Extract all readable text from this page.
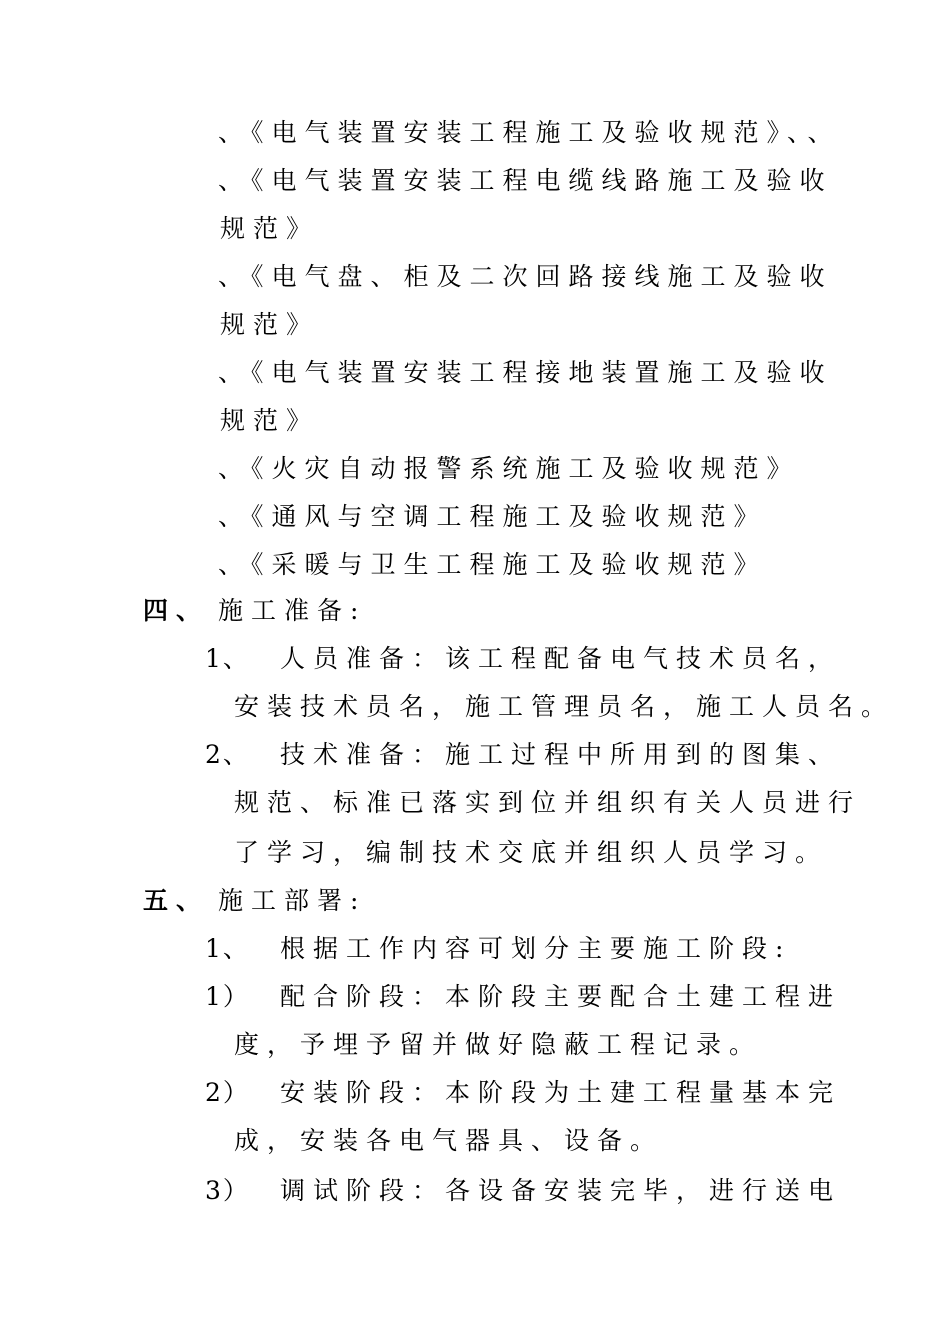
、《电气装置安装工程施工及验收规范》、、
、《电气装置安装工程电缆线路施工及验收
规范》
、《电气盘、柜及二次回路接线施工及验收
规范》
、《电气装置安装工程接地装置施工及验收
规范》
、《火灾自动报警系统施工及验收规范》
、《通风与空调工程施工及验收规范》
、《采暖与卫生工程施工及验收规范》
四、 施工准备:
1、 人员准备：该工程配备电气技术员名，
安装技术员名，施工管理员名，施工人员名。
2、 技术准备：施工过程中所用到的图集、
规范、标准已落实到位并组织有关人员进行
了学习，编制技术交底并组织人员学习。
五、 施工部署:
1、 根据工作内容可划分主要施工阶段:
1） 配合阶段：本阶段主要配合土建工程进
度，予埋予留并做好隐蔽工程记录。
2） 安装阶段：本阶段为土建工程量基本完
成，安装各电气器具、设备。
3） 调试阶段：各设备安装完毕，进行送电
